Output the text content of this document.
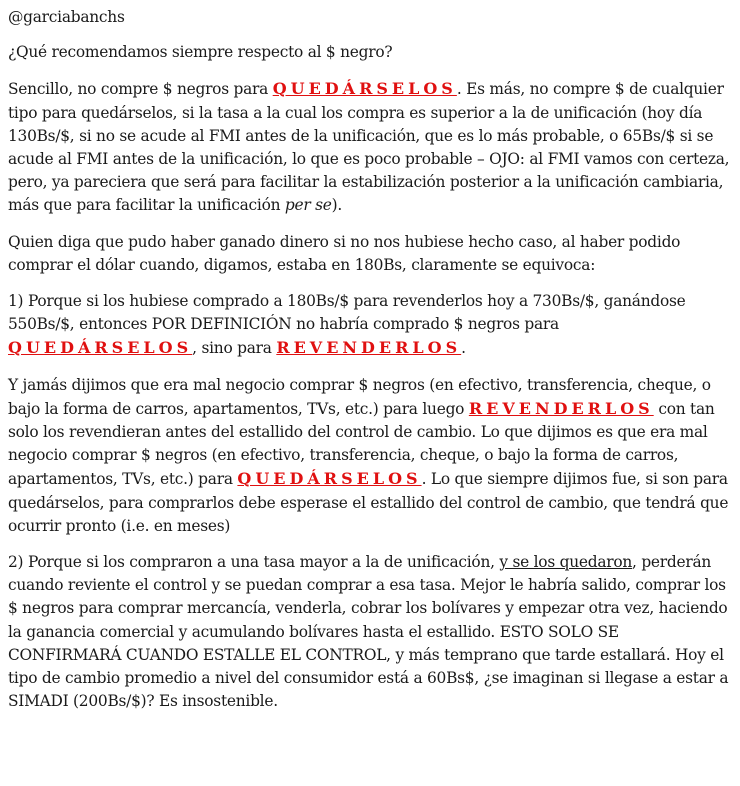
@garciabanchs

¿Qué recomendamos siempre respecto al $ negro?

Sencillo, no compre $ negros para QUEDÁRSELOS. Es más, no compre $ de cualquier tipo para quedárselos, si la tasa a la cual los compra es superior a la de unificación (hoy día 130Bs/$, si no se acude al FMI antes de la unificación, que es lo más probable, o 65Bs/$ si se acude al FMI antes de la unificación, lo que es poco probable – OJO: al FMI vamos con certeza, pero, ya pareciera que será para facilitar la estabilización posterior a la unificación cambiaria, más que para facilitar la unificación per se).

Quien diga que pudo haber ganado dinero si no nos hubiese hecho caso, al haber podido comprar el dólar cuando, digamos, estaba en 180Bs, claramente se equivoca:

1) Porque si los hubiese comprado a 180Bs/$ para revenderlos hoy a 730Bs/$, ganándose 550Bs/$, entonces POR DEFINICIÓN no habría comprado $ negros para QUEDÁRSELOS, sino para REVENDERLOS.

Y jamás dijimos que era mal negocio comprar $ negros (en efectivo, transferencia, cheque, o bajo la forma de carros, apartamentos, TVs, etc.) para luego REVENDERLOS con tan solo los revendieran antes del estallido del control de cambio. Lo que dijimos es que era mal negocio comprar $ negros (en efectivo, transferencia, cheque, o bajo la forma de carros, apartamentos, TVs, etc.) para QUEDÁRSELOS. Lo que siempre dijimos fue, si son para quedárselos, para comprarlos debe esperase el estallido del control de cambio, que tendrá que ocurrir pronto (i.e. en meses)

2) Porque si los compraron a una tasa mayor a la de unificación, y se los quedaron, perderán cuando reviente el control y se puedan comprar a esa tasa. Mejor le habría salido, comprar los $ negros para comprar mercancía, venderla, cobrar los bolívares y empezar otra vez, haciendo la ganancia comercial y acumulando bolívares hasta el estallido. ESTO SOLO SE CONFIRMARÁ CUANDO ESTALLE EL CONTROL, y más temprano que tarde estallará. Hoy el tipo de cambio promedio a nivel del consumidor está a 60Bs$, ¿se imaginan si llegase a estar a SIMADI (200Bs/$)? Es insostenible.
